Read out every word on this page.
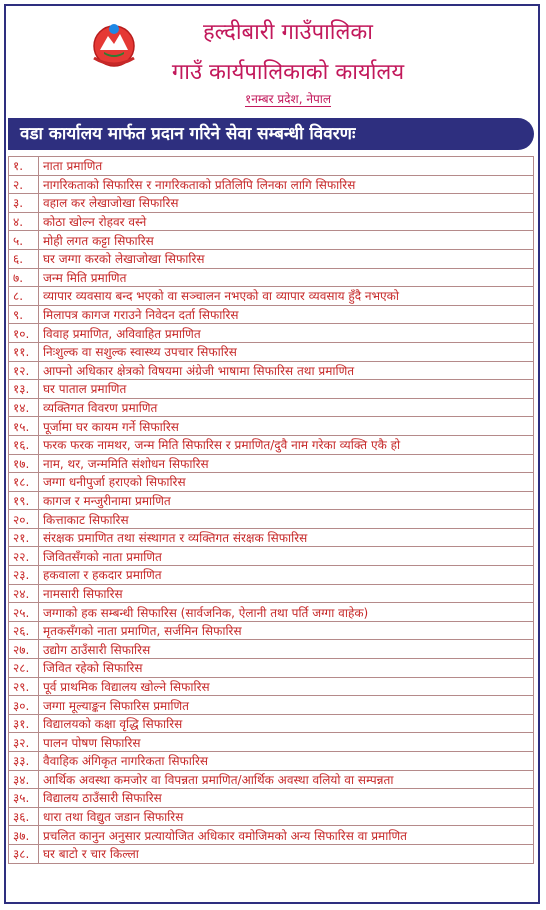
हल्दीबारी गाउँपालिका
गाउँ कार्यपालिकाको कार्यालय
१नम्बर प्रदेश, नेपाल
वडा कार्यालय मार्फत प्रदान गरिने सेवा सम्बन्धी विवरणः
१.	नाता प्रमाणित
२.	नागरिकताको सिफारिस र नागरिकताको प्रतिलिपि लिनका लागि सिफारिस
३.	वहाल कर लेखाजोखा सिफारिस
४.	कोठा खोल्न रोहवर वस्ने
५.	मोही लगत कट्टा सिफारिस
६.	घर जग्गा करको लेखाजोखा सिफारिस
७.	जन्म मिति प्रमाणित
८.	व्यापार व्यवसाय बन्द भएको वा सञ्चालन नभएको वा व्यापार व्यवसाय हुँदै नभएको
९.	मिलापत्र कागज गराउने निवेदन दर्ता सिफारिस
१०.	विवाह प्रमाणित, अविवाहित प्रमाणित
११.	निःशुल्क वा सशुल्क स्वास्थ्य उपचार सिफारिस
१२.	आफ्नो अधिकार क्षेत्रको विषयमा अंग्रेजी भाषामा सिफारिस तथा प्रमाणित
१३.	घर पाताल प्रमाणित
१४.	व्यक्तिगत विवरण प्रमाणित
१५.	पूर्जामा घर कायम गर्ने सिफारिस
१६.	फरक फरक नामथर, जन्म मिति सिफारिस र प्रमाणित/दुवै नाम गरेका व्यक्ति एकै हो
१७.	नाम, थर, जन्ममिति संशोधन सिफारिस
१८.	जग्गा धनीपुर्जा हराएको सिफारिस
१९.	कागज र मन्जुरीनामा प्रमाणित
२०.	कित्ताकाट सिफारिस
२१.	संरक्षक प्रमाणित तथा संस्थागत र व्यक्तिगत संरक्षक सिफारिस
२२.	जिवितसँगको नाता प्रमाणित
२३.	हकवाला र हकदार प्रमाणित
२४.	नामसारी सिफारिस
२५.	जग्गाको हक सम्बन्धी सिफारिस (सार्वजनिक, ऐलानी तथा पर्ति जग्गा वाहेक)
२६.	मृतकसँगको नाता प्रमाणित, सर्जमिन सिफारिस
२७.	उद्योग ठाउँसारी सिफारिस
२८.	जिवित रहेको सिफारिस
२९.	पूर्व प्राथमिक विद्यालय खोल्ने सिफारिस
३०.	जग्गा मूल्याङ्कन सिफारिस प्रमाणित
३१.	विद्यालयको कक्षा वृद्धि सिफारिस
३२.	पालन पोषण सिफारिस
३३.	वैवाहिक अंगिकृत नागरिकता सिफारिस
३४.	आर्थिक अवस्था कमजोर वा विपन्नता प्रमाणित/आर्थिक अवस्था वलियो वा सम्पन्नता
३५.	विद्यालय ठाउँसारी सिफारिस
३६.	धारा तथा विद्युत जडान सिफारिस
३७.	प्रचलित कानुन अनुसार प्रत्यायोजित अधिकार वमोजिमको अन्य सिफारिस वा प्रमाणित
३८.	घर बाटो र चार किल्ला
